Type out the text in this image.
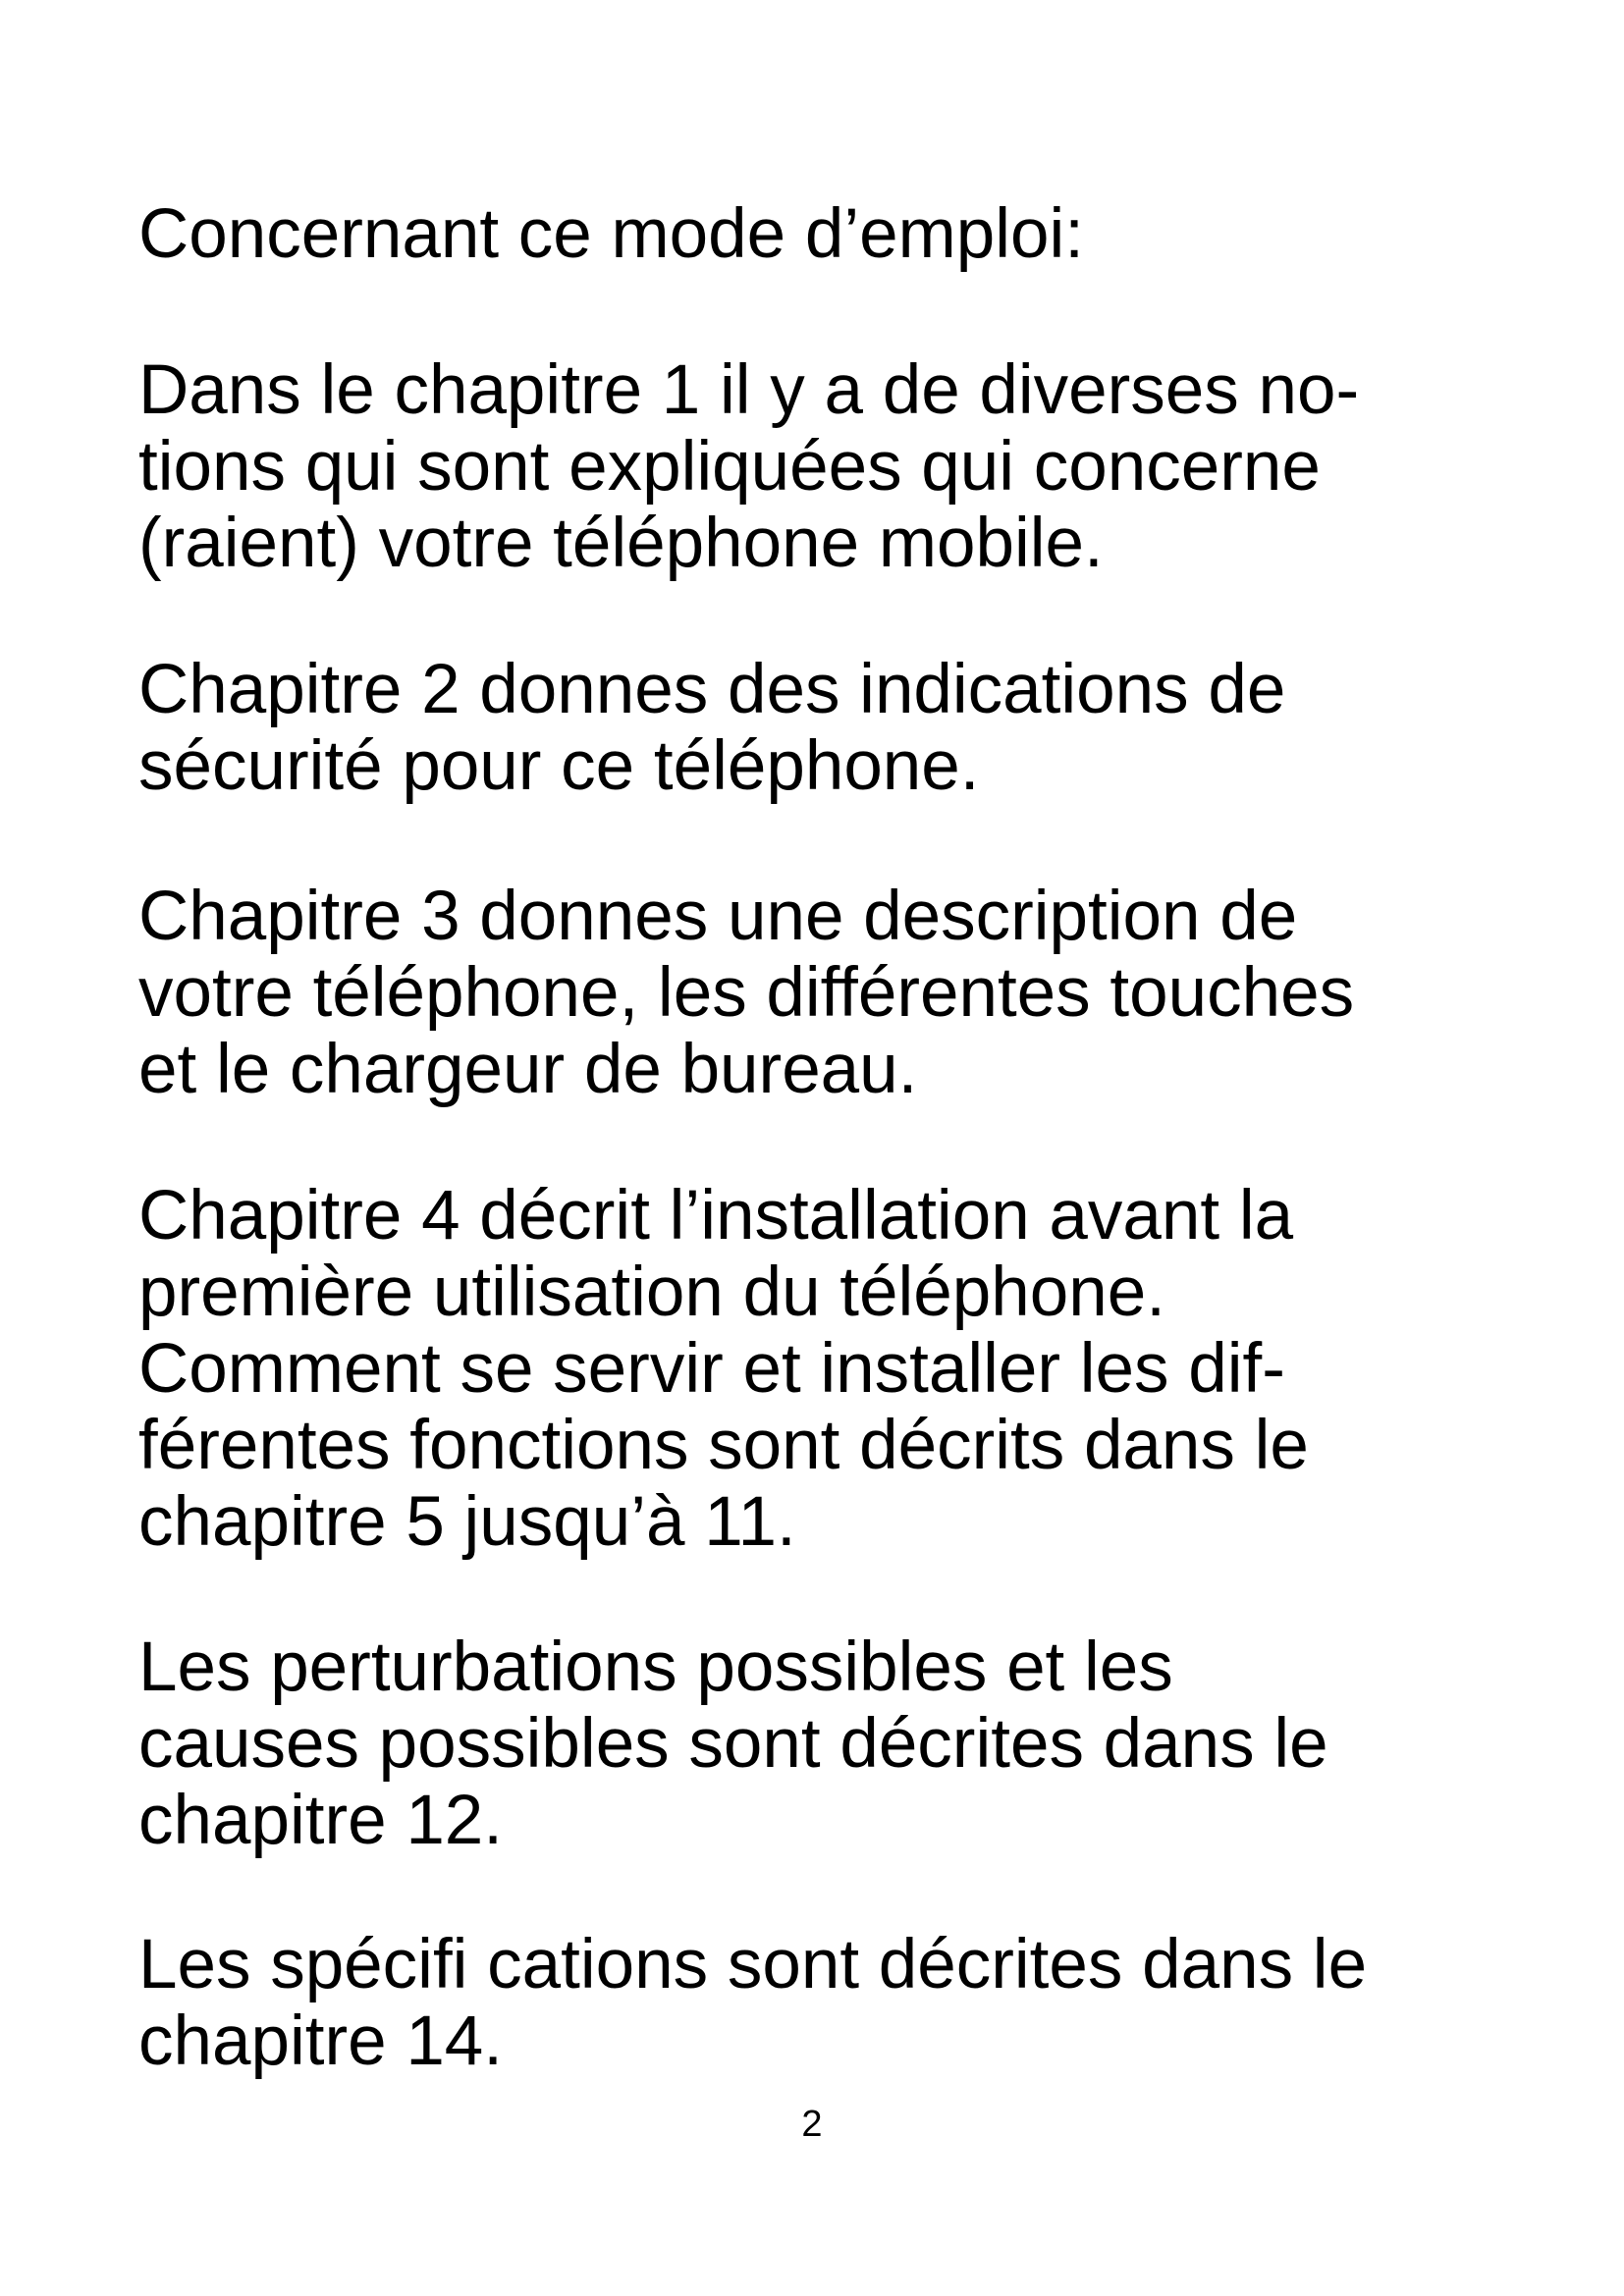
Concernant ce mode d’emploi:

Dans le chapitre 1 il y a de diverses no-
tions qui sont expliquées qui concerne
(raient) votre téléphone mobile.

Chapitre 2 donnes des indications de
sécurité pour ce téléphone.

Chapitre 3 donnes une description de
votre téléphone, les différentes touches
et le chargeur de bureau.

Chapitre 4 décrit l’installation avant la
première utilisation du téléphone.
Comment se servir et installer les dif-
férentes fonctions sont décrits dans le
chapitre 5 jusqu’à 11.

Les perturbations possibles et les
causes possibles sont décrites dans le
chapitre 12.

Les spécifi cations sont décrites dans le
chapitre 14.

2
